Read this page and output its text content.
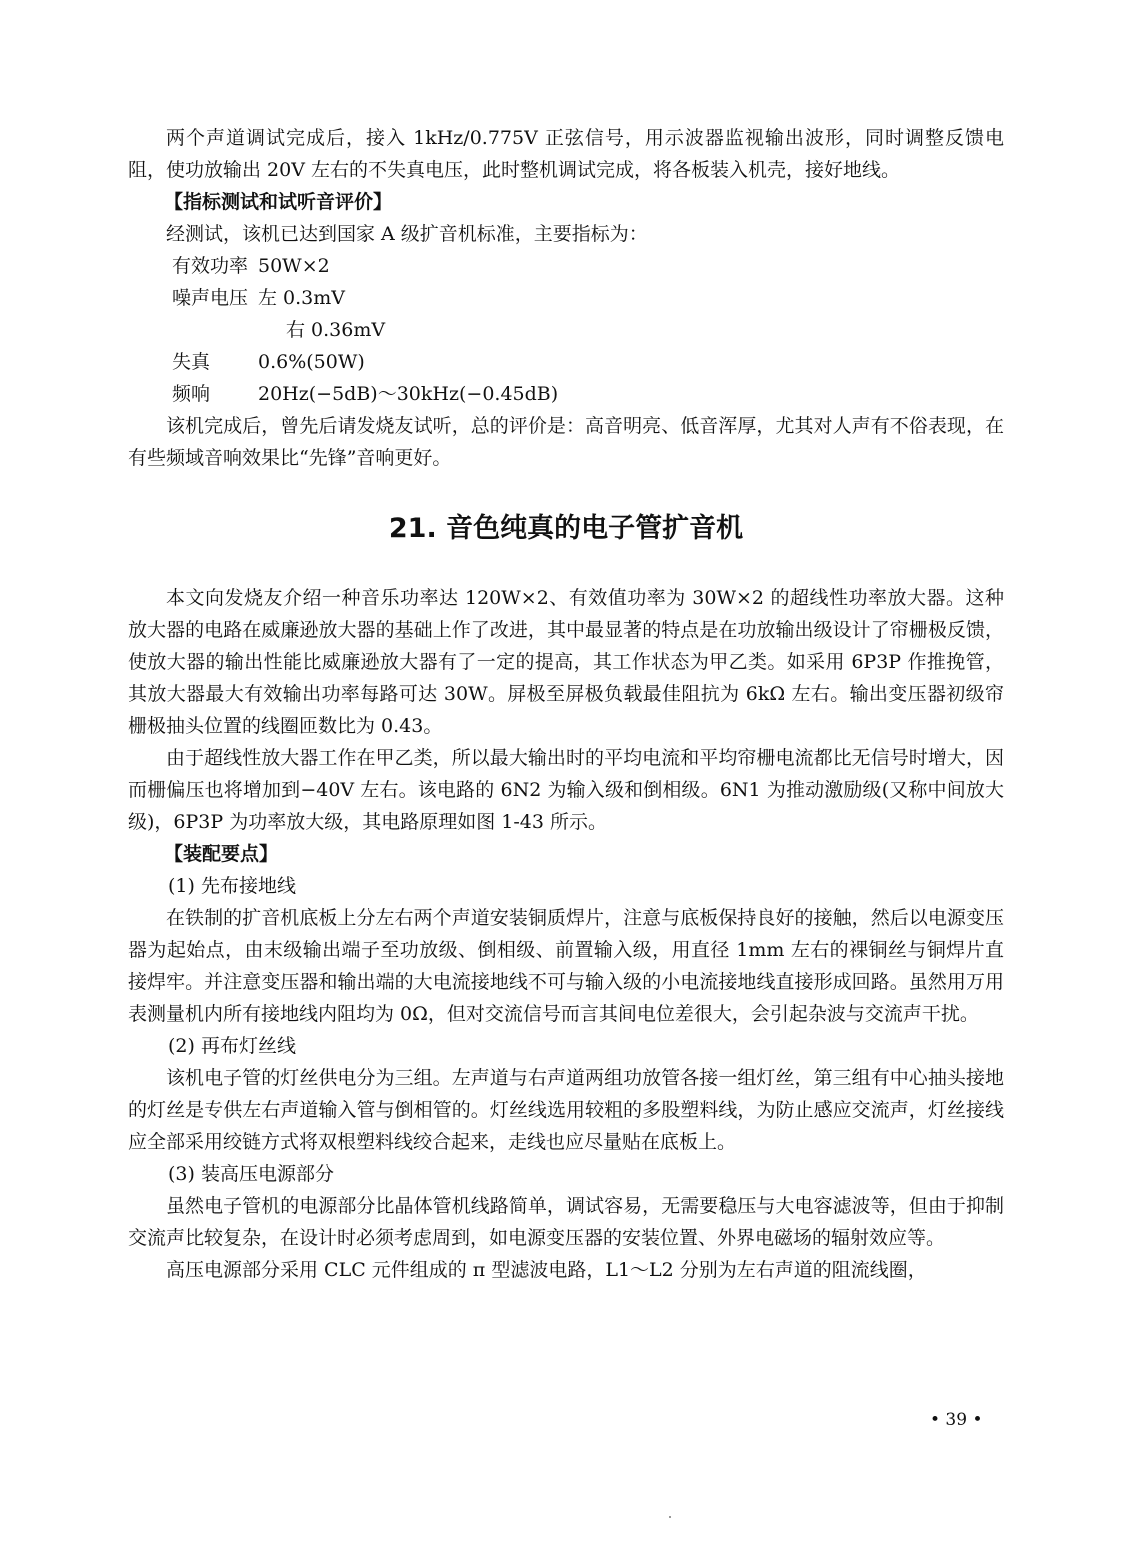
两个声道调试完成后，接入 1kHz/0.775V 正弦信号，用示波器监视输出波形，同时调整反馈电阻，使功放输出 20V 左右的不失真电压，此时整机调试完成，将各板装入机壳，接好地线。

【指标测试和试听音评价】

经测试，该机已达到国家 A 级扩音机标准，主要指标为：

有效功率 50W×2
噪声电压 左 0.3mV
右 0.36mV
失真	0.6%(50W)
频响	20Hz(−5dB)～30kHz(−0.45dB)

该机完成后，曾先后请发烧友试听，总的评价是：高音明亮、低音浑厚，尤其对人声有不俗表现，在有些频域音响效果比“先锋”音响更好。

21. 音色纯真的电子管扩音机

本文向发烧友介绍一种音乐功率达 120W×2、有效值功率为 30W×2 的超线性功率放大器。这种放大器的电路在威廉逊放大器的基础上作了改进，其中最显著的特点是在功放输出级设计了帘栅极反馈，使放大器的输出性能比威廉逊放大器有了一定的提高，其工作状态为甲乙类。如采用 6P3P 作推挽管，其放大器最大有效输出功率每路可达 30W。屏极至屏极负载最佳阻抗为 6kΩ 左右。输出变压器初级帘栅极抽头位置的线圈匝数比为 0.43。

由于超线性放大器工作在甲乙类，所以最大输出时的平均电流和平均帘栅电流都比无信号时增大，因而栅偏压也将增加到−40V 左右。该电路的 6N2 为输入级和倒相级。6N1 为推动激励级(又称中间放大级)，6P3P 为功率放大级，其电路原理如图 1-43 所示。

【装配要点】
(1) 先布接地线

在铁制的扩音机底板上分左右两个声道安装铜质焊片，注意与底板保持良好的接触，然后以电源变压器为起始点，由末级输出端子至功放级、倒相级、前置输入级，用直径 1mm 左右的裸铜丝与铜焊片直接焊牢。并注意变压器和输出端的大电流接地线不可与输入级的小电流接地线直接形成回路。虽然用万用表测量机内所有接地线内阻均为 0Ω，但对交流信号而言其间电位差很大，会引起杂波与交流声干扰。

(2) 再布灯丝线

该机电子管的灯丝供电分为三组。左声道与右声道两组功放管各接一组灯丝，第三组有中心抽头接地的灯丝是专供左右声道输入管与倒相管的。灯丝线选用较粗的多股塑料线，为防止感应交流声，灯丝接线应全部采用绞链方式将双根塑料线绞合起来，走线也应尽量贴在底板上。

(3) 装高压电源部分

虽然电子管机的电源部分比晶体管机线路简单，调试容易，无需要稳压与大电容滤波等，但由于抑制交流声比较复杂，在设计时必须考虑周到，如电源变压器的安装位置、外界电磁场的辐射效应等。

高压电源部分采用 CLC 元件组成的 π 型滤波电路，L1～L2 分别为左右声道的阻流线圈，

• 39 •
